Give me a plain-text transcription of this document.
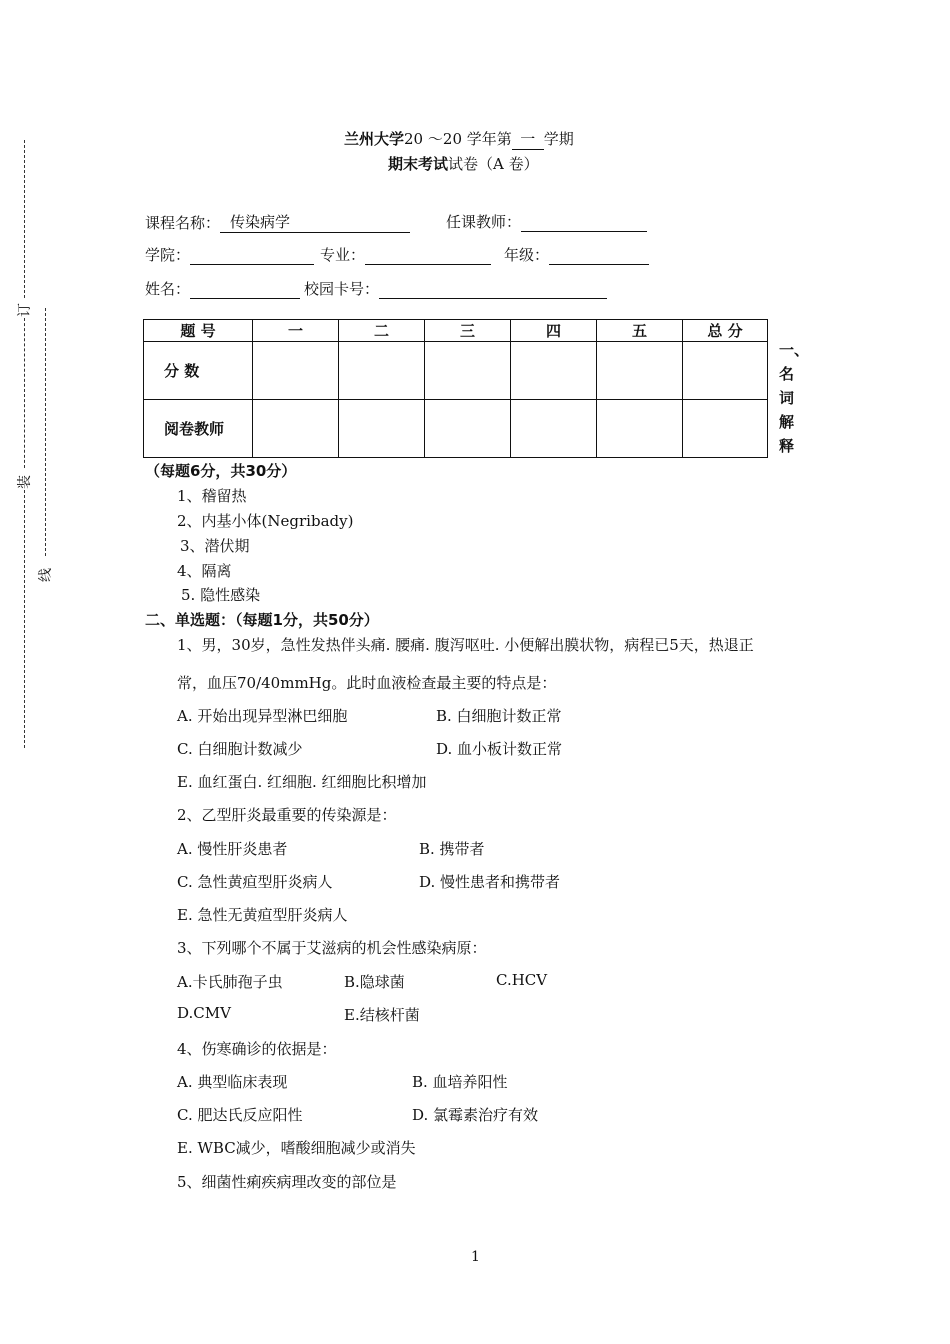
订
装
线
兰州大学20 ～20 学年第 一 学期
期末考试试卷（A 卷）
课程名称： 传染病学	任课教师：
学院：	专业：	年级：
姓名：	校园卡号：
题 号	一	二	三	四	五	总 分
分 数						
阅卷教师						
一、
名
词
解
释
（每题6分，共30分）
1、稽留热
2、内基小体(Negribady)
3、潜伏期
4、隔离
5. 隐性感染
二、单选题：（每题1分，共50分）
1、男，30岁，急性发热伴头痛. 腰痛. 腹泻呕吐. 小便解出膜状物，病程已5天，热退正
常，血压70/40mmHg。此时血液检查最主要的特点是：
A. 开始出现异型淋巴细胞	B. 白细胞计数正常
C. 白细胞计数减少	D. 血小板计数正常
E. 血红蛋白. 红细胞. 红细胞比积增加
2、乙型肝炎最重要的传染源是：
A. 慢性肝炎患者	B. 携带者
C. 急性黄疸型肝炎病人	D. 慢性患者和携带者
E. 急性无黄疸型肝炎病人
3、下列哪个不属于艾滋病的机会性感染病原：
A.卡氏肺孢子虫	B.隐球菌	C.HCV
D.CMV	E.结核杆菌
4、伤寒确诊的依据是：
A. 典型临床表现	B. 血培养阳性
C. 肥达氏反应阳性	D. 氯霉素治疗有效
E. WBC减少，嗜酸细胞减少或消失
5、细菌性痢疾病理改变的部位是
1
